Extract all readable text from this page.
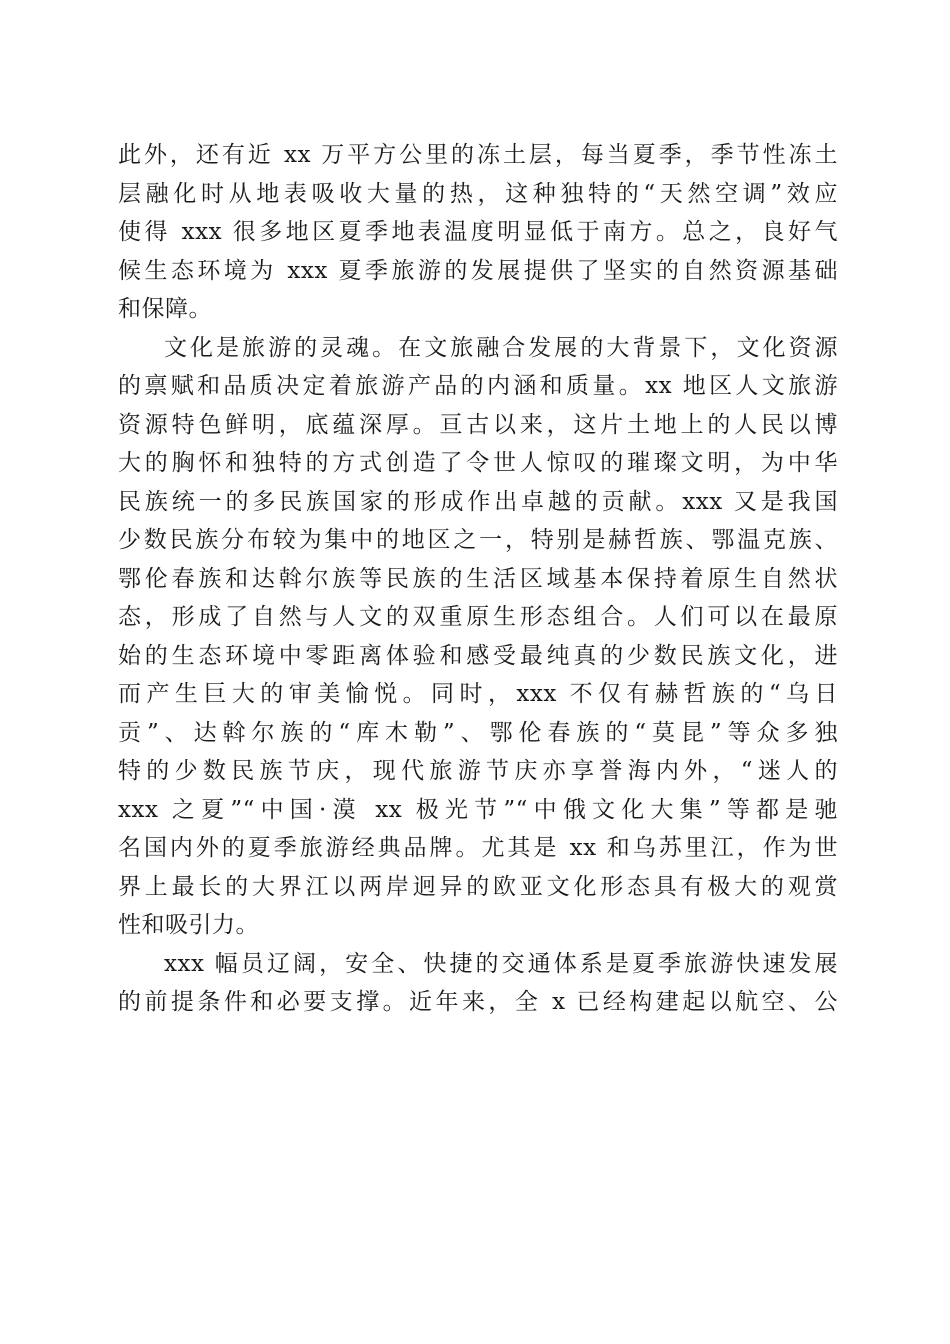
此外，还有近 xx 万平方公里的冻土层，每当夏季，季节性冻土
层融化时从地表吸收大量的热，这种独特的“天然空调”效应
使得 xxx 很多地区夏季地表温度明显低于南方。总之，良好气
候生态环境为 xxx 夏季旅游的发展提供了坚实的自然资源基础
和保障。
文化是旅游的灵魂。在文旅融合发展的大背景下，文化资源
的禀赋和品质决定着旅游产品的内涵和质量。xx 地区人文旅游
资源特色鲜明，底蕴深厚。亘古以来，这片土地上的人民以博
大的胸怀和独特的方式创造了令世人惊叹的璀璨文明，为中华
民族统一的多民族国家的形成作出卓越的贡献。xxx 又是我国
少数民族分布较为集中的地区之一，特别是赫哲族、鄂温克族、
鄂伦春族和达斡尔族等民族的生活区域基本保持着原生自然状
态，形成了自然与人文的双重原生形态组合。人们可以在最原
始的生态环境中零距离体验和感受最纯真的少数民族文化，进
而产生巨大的审美愉悦。同时，xxx 不仅有赫哲族的“乌日
贡”、达斡尔族的“库木勒”、鄂伦春族的“莫昆”等众多独
特的少数民族节庆，现代旅游节庆亦享誉海内外，“迷人的
xxx 之夏”“中国·漠 xx 极光节”“中俄文化大集”等都是驰
名国内外的夏季旅游经典品牌。尤其是 xx 和乌苏里江，作为世
界上最长的大界江以两岸迥异的欧亚文化形态具有极大的观赏
性和吸引力。
xxx 幅员辽阔，安全、快捷的交通体系是夏季旅游快速发展
的前提条件和必要支撑。近年来，全 x 已经构建起以航空、公
